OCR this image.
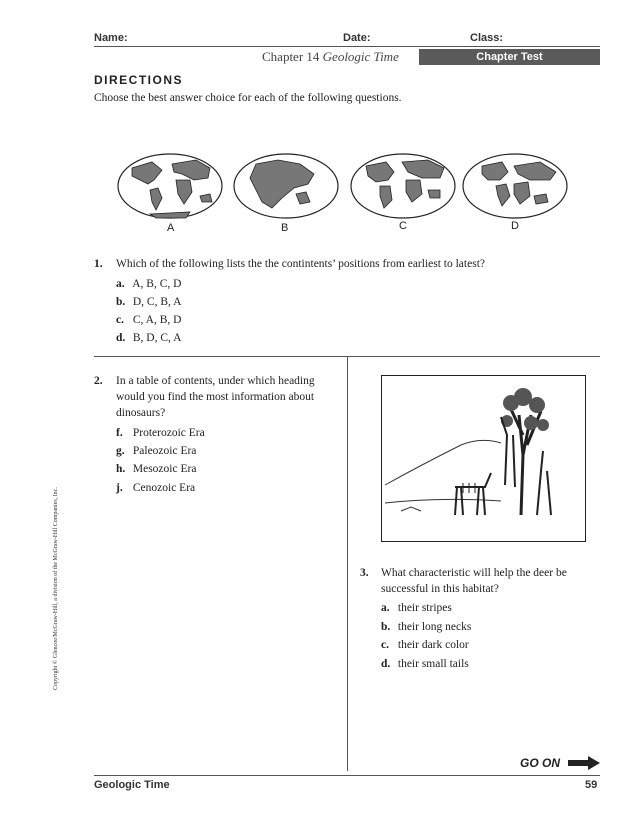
Name:	Date:	Class:
Chapter 14 Geologic Time	Chapter Test
DIRECTIONS
Choose the best answer choice for each of the following questions.
A	B	C	D
1. Which of the following lists the the contintents’ positions from earliest to latest?
a. A, B, C, D
b. D, C, B, A
c. C, A, B, D
d. B, D, C, A
2.	In a table of contents, under which heading
would you find the most information about
dinosaurs?
f. Proterozoic Era
g. Paleozoic Era
h. Mesozoic Era
j. Cenozoic Era
3.	What characteristic will help the deer be
successful in this habitat?
a. their stripes
b. their long necks
c. their dark color
d. their small tails
Copyright © Glencoe/McGraw-Hill, a division of the McGraw-Hill Companies, Inc.
GO ON
Geologic Time	59
